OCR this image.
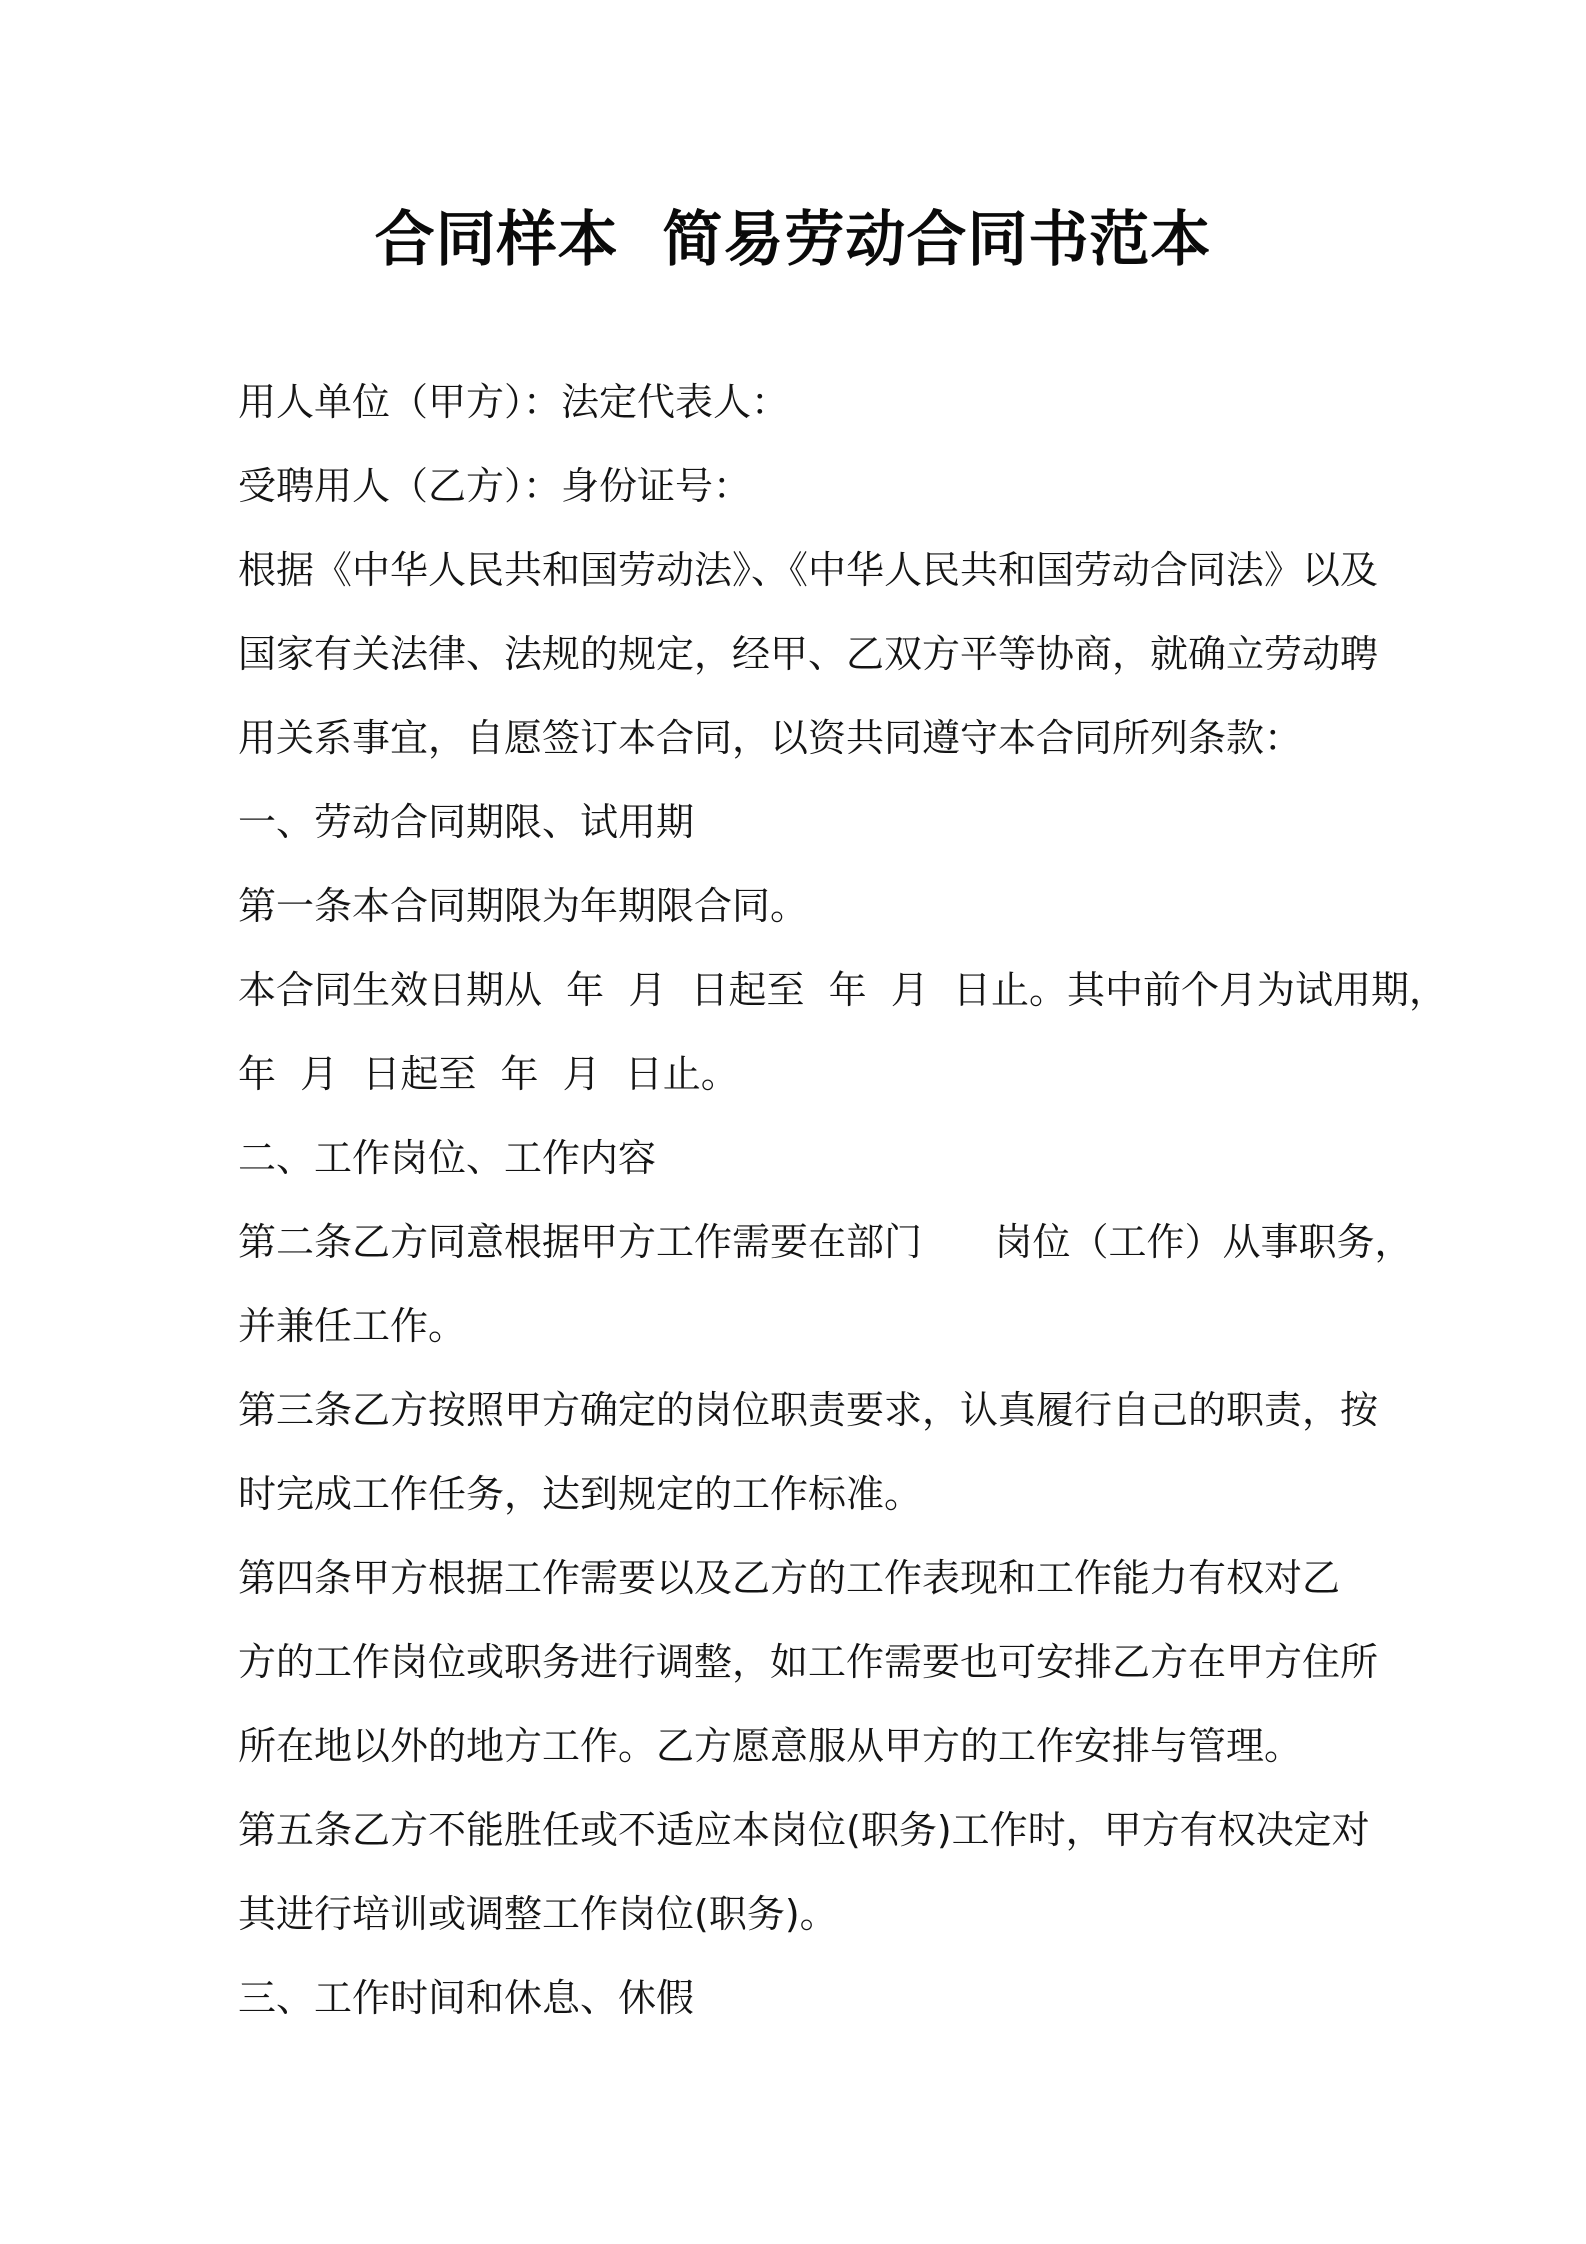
合同样本  简易劳动合同书范本
用人单位（甲方）：法定代表人：
受聘用人（乙方）：身份证号：
根据《中华人民共和国劳动法》、《中华人民共和国劳动合同法》以及
国家有关法律、法规的规定，经甲、乙双方平等协商，就确立劳动聘
用关系事宜，自愿签订本合同，以资共同遵守本合同所列条款：
一、劳动合同期限、试用期
第一条本合同期限为年期限合同。
本合同生效日期从  年  月  日起至  年  月  日止。其中前个月为试用期，
年  月  日起至  年  月  日止。
二、工作岗位、工作内容
第二条乙方同意根据甲方工作需要在部门      岗位（工作）从事职务，
并兼任工作。
第三条乙方按照甲方确定的岗位职责要求，认真履行自己的职责，按
时完成工作任务，达到规定的工作标准。
第四条甲方根据工作需要以及乙方的工作表现和工作能力有权对乙
方的工作岗位或职务进行调整，如工作需要也可安排乙方在甲方住所
所在地以外的地方工作。乙方愿意服从甲方的工作安排与管理。
第五条乙方不能胜任或不适应本岗位(职务)工作时，甲方有权决定对
其进行培训或调整工作岗位(职务)。
三、工作时间和休息、休假
